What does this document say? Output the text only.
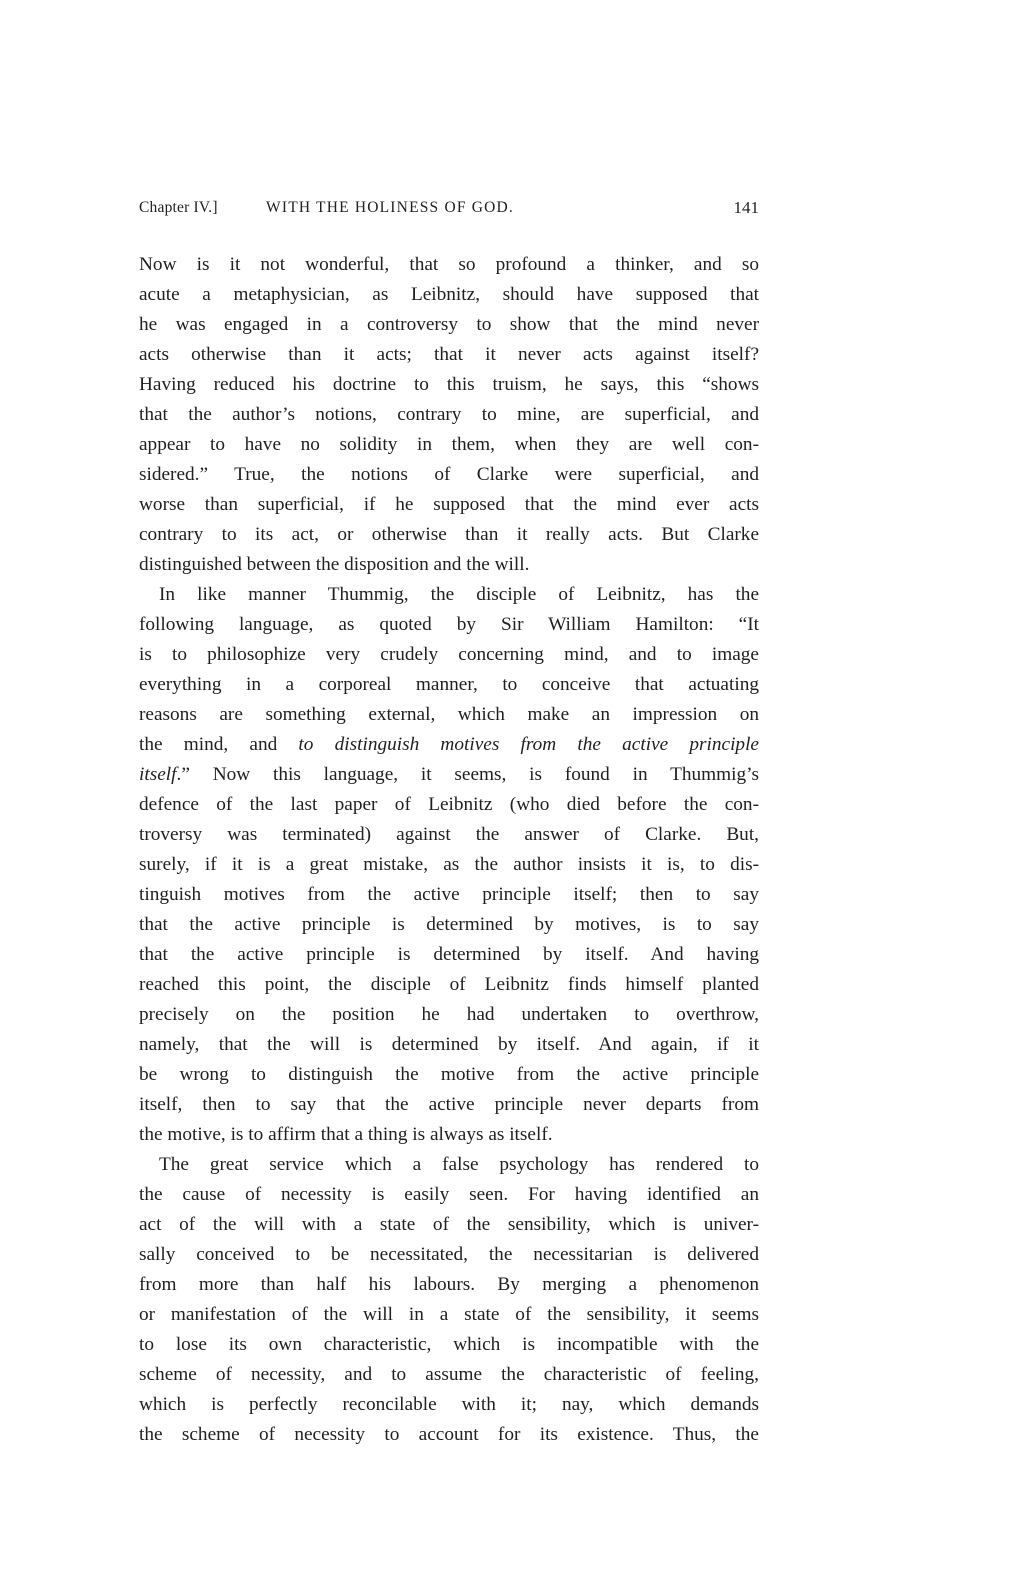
Chapter IV.]	WITH THE HOLINESS OF GOD.	141

Now is it not wonderful, that so profound a thinker, and so
acute a metaphysician, as Leibnitz, should have supposed that
he was engaged in a controversy to show that the mind never
acts otherwise than it acts; that it never acts against itself?
Having reduced his doctrine to this truism, he says, this “shows
that the author’s notions, contrary to mine, are superficial, and
appear to have no solidity in them, when they are well con-
sidered.” True, the notions of Clarke were superficial, and
worse than superficial, if he supposed that the mind ever acts
contrary to its act, or otherwise than it really acts. But Clarke
distinguished between the disposition and the will.

In like manner Thummig, the disciple of Leibnitz, has the
following language, as quoted by Sir William Hamilton: “It
is to philosophize very crudely concerning mind, and to image
everything in a corporeal manner, to conceive that actuating
reasons are something external, which make an impression on
the mind, and to distinguish motives from the active principle
itself.” Now this language, it seems, is found in Thummig’s
defence of the last paper of Leibnitz (who died before the con-
troversy was terminated) against the answer of Clarke. But,
surely, if it is a great mistake, as the author insists it is, to dis-
tinguish motives from the active principle itself; then to say
that the active principle is determined by motives, is to say
that the active principle is determined by itself. And having
reached this point, the disciple of Leibnitz finds himself planted
precisely on the position he had undertaken to overthrow,
namely, that the will is determined by itself. And again, if it
be wrong to distinguish the motive from the active principle
itself, then to say that the active principle never departs from
the motive, is to affirm that a thing is always as itself.

The great service which a false psychology has rendered to
the cause of necessity is easily seen. For having identified an
act of the will with a state of the sensibility, which is univer-
sally conceived to be necessitated, the necessitarian is delivered
from more than half his labours. By merging a phenomenon
or manifestation of the will in a state of the sensibility, it seems
to lose its own characteristic, which is incompatible with the
scheme of necessity, and to assume the characteristic of feeling,
which is perfectly reconcilable with it; nay, which demands
the scheme of necessity to account for its existence. Thus, the
